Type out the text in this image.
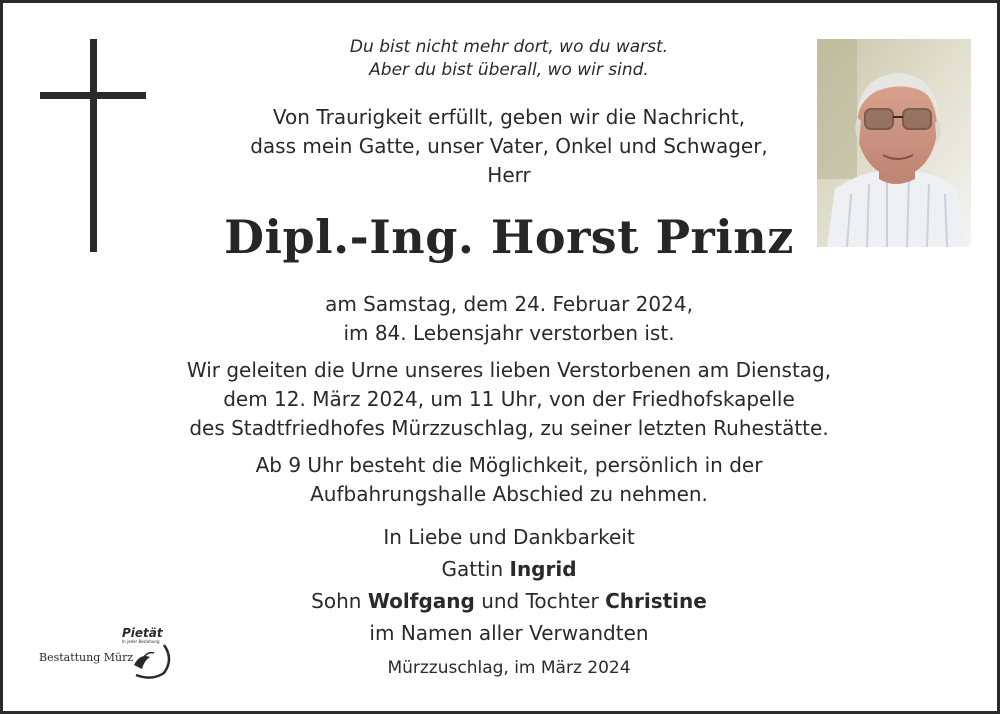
Du bist nicht mehr dort, wo du warst.
Aber du bist überall, wo wir sind.
Von Traurigkeit erfüllt, geben wir die Nachricht,
dass mein Gatte, unser Vater, Onkel und Schwager,
Herr
Dipl.-Ing. Horst Prinz
am Samstag, dem 24. Februar 2024,
im 84. Lebensjahr verstorben ist.
Wir geleiten die Urne unseres lieben Verstorbenen am Dienstag,
dem 12. März 2024, um 11 Uhr, von der Friedhofskapelle
des Stadtfriedhofes Mürzzuschlag, zu seiner letzten Ruhestätte.
Ab 9 Uhr besteht die Möglichkeit, persönlich in der
Aufbahrungshalle Abschied zu nehmen.
In Liebe und Dankbarkeit
Gattin Ingrid
Sohn Wolfgang und Tochter Christine
im Namen aller Verwandten
Mürzzuschlag, im März 2024
Bestattung Mürz
Pietät
In jeder Beziehung
